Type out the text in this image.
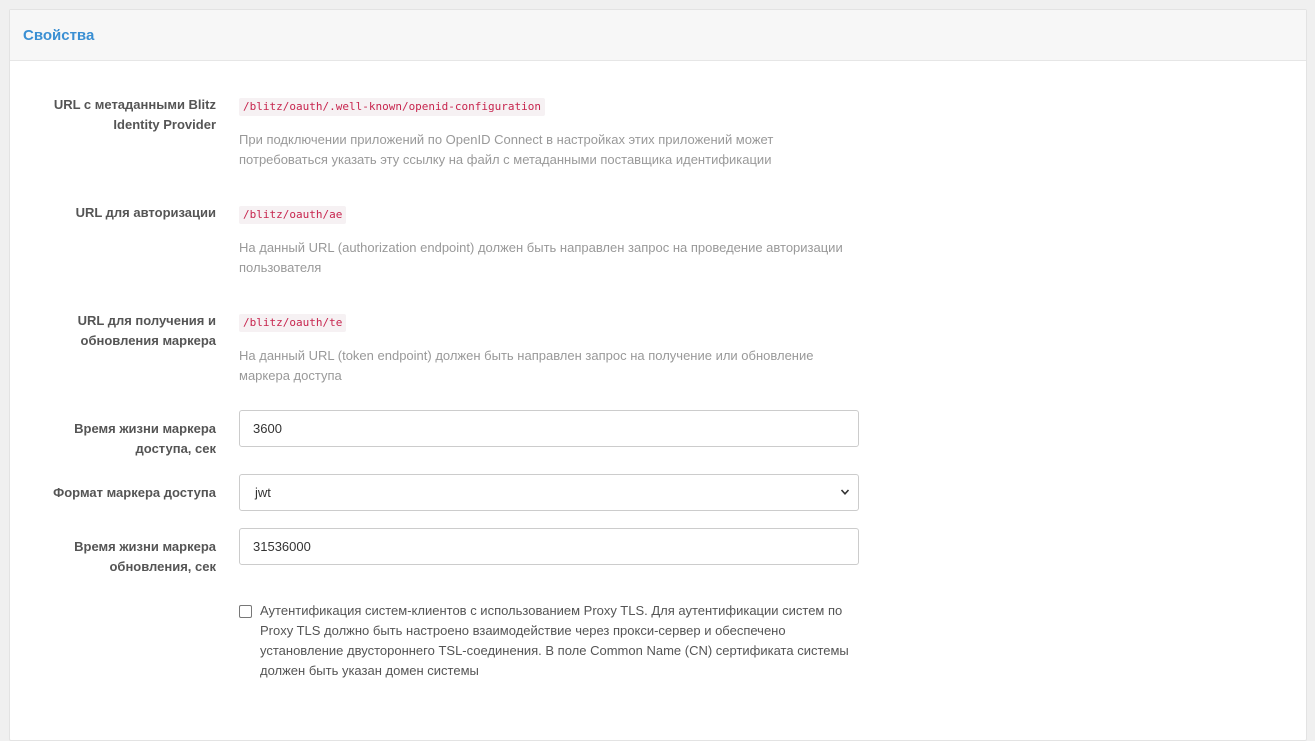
Свойства
URL с метаданными Blitz Identity Provider
/blitz/oauth/.well-known/openid-configuration
При подключении приложений по OpenID Connect в настройках этих приложений может потребоваться указать эту ссылку на файл с метаданными поставщика идентификации
URL для авторизации	/blitz/oauth/ae
На данный URL (authorization endpoint) должен быть направлен запрос на проведение авторизации пользователя
URL для получения и обновления маркера
/blitz/oauth/te
На данный URL (token endpoint) должен быть направлен запрос на получение или обновление маркера доступа
Время жизни маркера доступа, сек
3600
Формат маркера доступа	jwt
Время жизни маркера обновления, сек
31536000
Аутентификация систем-клиентов с использованием Proxy TLS. Для аутентификации систем по Proxy TLS должно быть настроено взаимодействие через прокси-сервер и обеспечено установление двустороннего TSL-соединения. В поле Common Name (CN) сертификата системы должен быть указан домен системы
